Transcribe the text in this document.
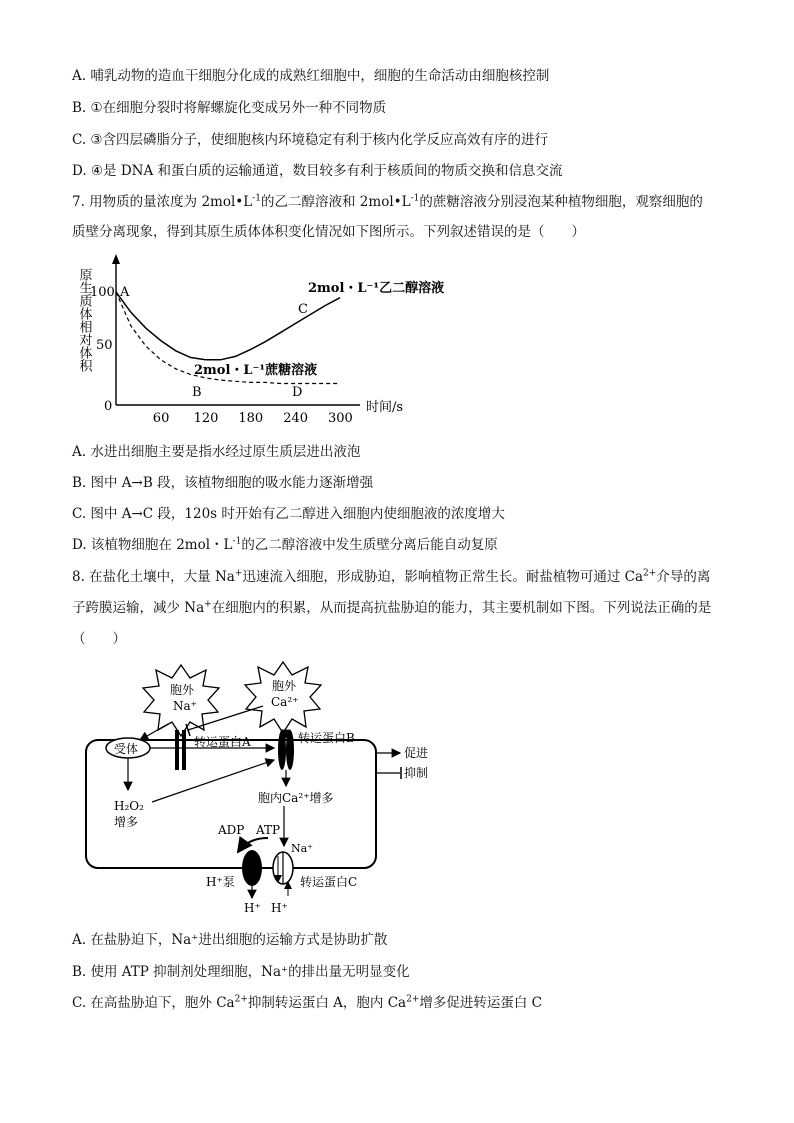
A. 哺乳动物的造血干细胞分化成的成熟红细胞中，细胞的生命活动由细胞核控制
B. ①在细胞分裂时将解螺旋化变成另外一种不同物质
C. ③含四层磷脂分子，使细胞核内环境稳定有利于核内化学反应高效有序的进行
D. ④是 DNA 和蛋白质的运输通道，数目较多有利于核质间的物质交换和信息交流
7. 用物质的量浓度为 $2mol•L^{-1}$的乙二醇溶液和 $2mol•L^{-1}$的蔗糖溶液分别浸泡某种植物细胞，观察细胞的
质壁分离现象，得到其原生质体体积变化情况如下图所示。下列叙述错误的是（　　）
原生质体相对体积
100
50
0
60 120 180 240 300
时间/s
A
B
C
D
2mol・L⁻¹乙二醇溶液
2mol・L⁻¹蔗糖溶液
A. 水进出细胞主要是指水经过原生质层进出液泡
B. 图中 A→B 段，该植物细胞的吸水能力逐渐增强
C. 图中 A→C 段，120s 时开始有乙二醇进入细胞内使细胞液的浓度增大
D. 该植物细胞在 2mol・$L^{-1}$的乙二醇溶液中发生质壁分离后能自动复原
8. 在盐化土壤中，大量 Na+迅速流入细胞，形成胁迫，影响植物正常生长。耐盐植物可通过 $Ca^{2+}$介导的离
子跨膜运输，减少 Na+在细胞内的积累，从而提高抗盐胁迫的能力，其主要机制如下图。下列说法正确的是
（　　）
胞外
Na⁺
胞外
Ca²⁺
受体	转运蛋白A	转运蛋白B
促进
抑制
H₂O₂
增多
胞内Ca²⁺增多
ADP ATP
H⁺泵
H⁺
Na⁺
H⁺
转运蛋白C
A. 在盐胁迫下，Na⁺进出细胞的运输方式是协助扩散
B. 使用 ATP 抑制剂处理细胞，Na⁺的排出量无明显变化
C. 在高盐胁迫下，胞外 $Ca^{2+}$抑制转运蛋白 A，胞内 $Ca^{2+}$增多促进转运蛋白 C
